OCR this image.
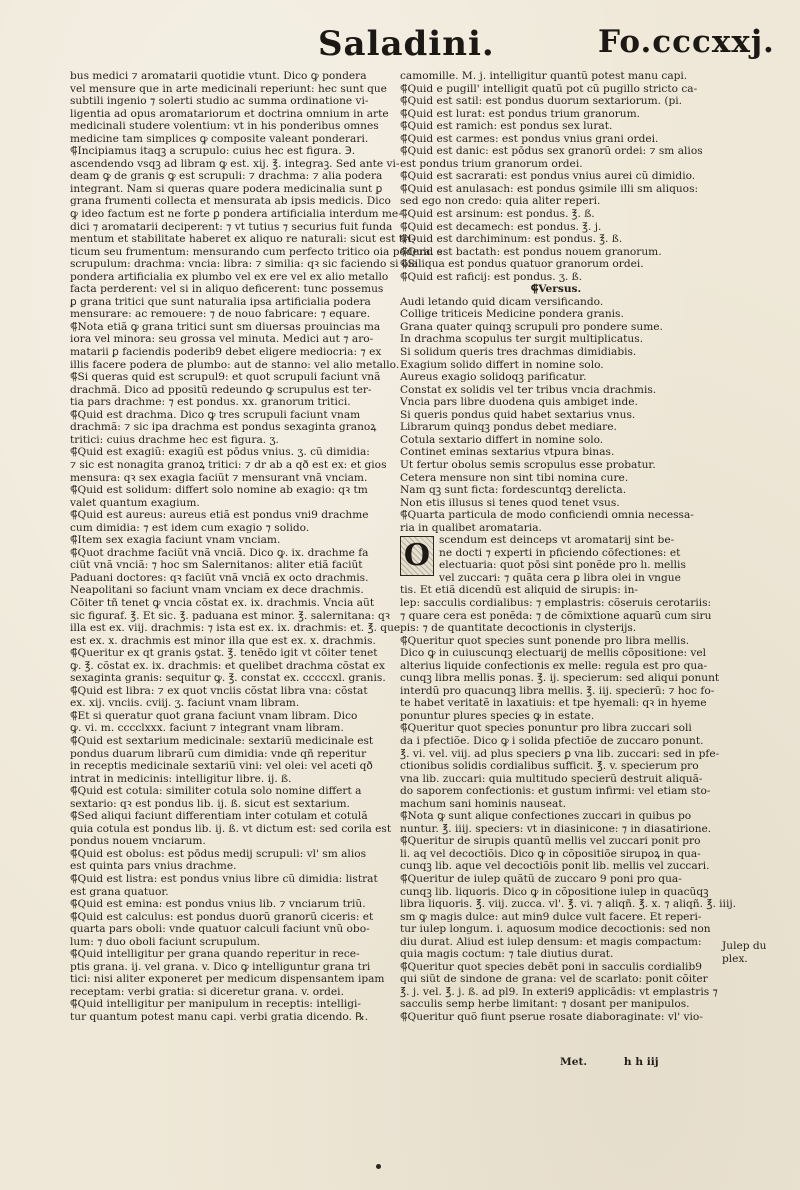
Saladini.	Fo.cccxxj.
bus medici ⁊ aromatarii quotidie vtunt. Dico ꝙ pondera
vel mensure que in arte medicinali reperiunt: hec sunt que
subtili ingenio ⁊ solerti studio ac summa ordinatione vi-
ligentia ad opus aromatariorum et doctrina omnium in arte
medicinali studere volentium: vt in his ponderibus omnes
medicine tam simplices ꝙ composite valeant ponderari.
⸿Incipiamus itaqꝫ a scrupulo: cuius hec est figura. ℈.
ascendendo vsqꝫ ad libram ꝙ est. xij. ℥. integraꝫ. Sed ante vi-
deam ꝙ de granis ꝙ est scrupuli: ⁊ drachma: ⁊ alia podera
integrant. Nam si queras quare podera medicinalia sunt ꝑ
grana frumenti collecta et mensurata ab ipsis medicis. Dico
ꝙ ideo factum est ne forte ꝑ pondera artificialia interdum me-
dici ⁊ aromatarii deciperent: ⁊ vt tutius ⁊ securius fuit funda
mentum et stabilitate haberet ex aliquo re naturali: sicut est tri-
ticum seu frumentum: mensurando cum perfecto tritico oia podera. s.
scrupulum: drachma: vncia: libra: ⁊ similia: qꝛ sic faciendo si oia
pondera artificialia ex plumbo vel ex ere vel ex alio metallo
facta perderent: vel si in aliquo deficerent: tunc possemus
ꝑ grana tritici que sunt naturalia ipsa artificialia podera
mensurare: ac remouere: ⁊ de nouo fabricare: ⁊ equare.
⸿Nota etiã ꝙ grana tritici sunt sm diuersas prouincias ma
iora vel minora: seu grossa vel minuta. Medici aut ⁊ aro-
matarii ꝑ faciendis poderib9 debet eligere mediocria: ⁊ ex
illis facere podera de plumbo: aut de stanno: vel alio metallo.
⸿Si queras quid est scrupul9: et quot scrupuli faciunt vnã
drachmã. Dico ad ppositũ redeundo ꝙ scrupulus est ter-
tia pars drachme: ⁊ est pondus. xx. granorum tritici.
⸿Quid est drachma. Dico ꝙ tres scrupuli faciunt vnam
drachmã: ⁊ sic ipa drachma est pondus sexaginta granoꝝ
tritici: cuius drachme hec est figura. ʒ.
⸿Quid est exagiũ: exagiũ est pōdus vnius. ʒ. cũ dimidia:
⁊ sic est nonagita granoꝝ tritici: ⁊ dr ab a qð est ex: et gios
mensura: qꝛ sex exagia faciũt ⁊ mensurant vnã vnciam.
⸿Quid est solidum: differt solo nomine ab exagio: qꝛ tm
valet quantum exagium.
⸿Quid est aureus: aureus etiã est pondus vni9 drachme
cum dimidia: ⁊ est idem cum exagio ⁊ solido.
⸿Item sex exagia faciunt vnam vnciam.
⸿Quot drachme faciũt vnã vnciã. Dico ꝙ. ix. drachme fa
ciũt vnã vnciã: ⁊ hoc sm Salernitanos: aliter etiã faciũt
Paduani doctores: qꝛ faciũt vnã vnciã ex octo drachmis.
Neapolitani so faciunt vnam vnciam ex dece drachmis.
Cõiter tñ tenet ꝙ vncia cõstat ex. ix. drachmis. Vncia aũt
sic figuraf. ℥. Et sic. ℥. paduana est minor. ℥. salernitana: qꝛ
illa est ex. viij. drachmis: ⁊ ista est ex. ix. drachmis: et. ℥. que
est ex. x. drachmis est minor illa que est ex. x. drachmis.
⸿Queritur ex qt granis ꝯstat. ℥. tenẽdo igit vt cõiter tenet
ꝙ. ℥. cõstat ex. ix. drachmis: et quelibet drachma cõstat ex
sexaginta granis: sequitur ꝙ. ℥. constat ex. cccccxl. granis.
⸿Quid est libra: ⁊ ex quot vnciis cõstat libra vna: cõstat
ex. xij. vnciis. cviij. ʒ. faciunt vnam libram.
⸿Et si queratur quot grana faciunt vnam libram. Dico
ꝙ. vi. m. cccclxxx. faciunt ⁊ integrant vnam libram.
⸿Quid est sextarium medicinale: sextariũ medicinale est
pondus duarum librarũ cum dimidia: vnde qñ reperitur
in receptis medicinale sextariũ vini: vel olei: vel aceti qð
intrat in medicinis: intelligitur libre. ij. ß.
⸿Quid est cotula: similiter cotula solo nomine differt a
sextario: qꝛ est pondus lib. ij. ß. sicut est sextarium.
⸿Sed aliqui faciunt differentiam inter cotulam et cotulã
quia cotula est pondus lib. ij. ß. vt dictum est: sed corila est
pondus nouem vnciarum.
⸿Quid est obolus: est pōdus medij scrupuli: vl' sm alios
est quinta pars vnius drachme.
⸿Quid est listra: est pondus vnius libre cũ dimidia: listrat
est grana quatuor.
⸿Quid est emina: est pondus vnius lib. ⁊ vnciarum triũ.
⸿Quid est calculus: est pondus duorũ granorũ ciceris: et
quarta pars oboli: vnde quatuor calculi faciunt vnũ obo-
lum: ⁊ duo oboli faciunt scrupulum.
⸿Quid intelligitur per grana quando reperitur in rece-
ptis grana. ij. vel grana. v. Dico ꝙ intelliguntur grana tri
tici: nisi aliter exponeret per medicum dispensantem ipam
receptam: verbi gratia: si diceretur grana. v. ordei.
⸿Quid intelligitur per manipulum in receptis: intelligi-
tur quantum potest manu capi. verbi gratia dicendo. ℞.
camomille. M. j. intelligitur quantũ potest manu capi.
⸿Quid e pugill' intelligit quatũ pot cũ pugillo stricto ca-
⸿Quid est satil: est pondus duorum sextariorum. (pi.
⸿Quid est lurat: est pondus trium granorum.
⸿Quid est ramich: est pondus sex lurat.
⸿Quid est carmes: est pondus vnius grani ordei.
⸿Quid est danic: est pōdus sex granorũ ordei: ⁊ sm alios
est pondus trium granorum ordei.
⸿Quid est sacrarati: est pondus vnius aurei cũ dimidio.
⸿Quid est anulasach: est pondus ꝯsimile illi sm aliquos:
sed ego non credo: quia aliter reperi.
⸿Quid est arsinum: est pondus. ℥. ß.
⸿Quid est decamech: est pondus. ℥. j.
⸿Quid est darchiminum: est pondus. ℥. ß.
⸿Quid est bactath: est pondus nouem granorum.
⸿Siliqua est pondus quatuor granorum ordei.
⸿Quid est raficij: est pondus. ʒ. ß.
⸿Versus.
Audi letando quid dicam versificando.
Collige triticeis Medicine pondera granis.
Grana quater quinqꝫ scrupuli pro pondere sume.
In drachma scopulus ter surgit multiplicatus.
Si solidum queris tres drachmas dimidiabis.
Exagium solido differt in nomine solo.
Aureus exagio solidoqꝫ parificatur.
Constat ex solidis vel ter tribus vncia drachmis.
Vncia pars libre duodena quis ambiget inde.
Si queris pondus quid habet sextarius vnus.
Librarum quinqꝫ pondus debet mediare.
Cotula sextario differt in nomine solo.
Continet eminas sextarius vtpura binas.
Ut fertur obolus semis scropulus esse probatur.
Cetera mensure non sint tibi nomina cure.
Nam qꝫ sunt ficta: fordescuntqꝫ derelicta.
Non etis illusus si tenes quod tenet vsus.
⸿Quarta particula de modo conficiendi omnia necessa-
ria in qualibet aromataria.
O scendum est deinceps vt aromatarij sint be-
ne docti ⁊ experti in pficiendo cõfectiones: et
electuaria: quot pōsi sint ponẽde pro lı. mellis
vel zuccari: ⁊ quãta cera ꝑ libra olei in vngue
tis. Et etiã dicendũ est aliquid de sirupis: in-
lep: sacculis cordialibus: ⁊ emplastris: cõseruis cerotariis:
⁊ quare cera est ponẽda: ⁊ de cõmixtione aquarũ cum siru
pis: ⁊ de quantitate decoctionis in clysterijs.
⸿Queritur quot species sunt ponende pro libra mellis.
Dico ꝙ in cuiuscunqꝫ electuarij de mellis cõpositione: vel
alterius liquide confectionis ex melle: regula est pro qua-
cunqꝫ libra mellis ponas. ℥. ij. specierum: sed aliqui ponunt
interdũ pro quacunqꝫ libra mellis. ℥. iij. specierũ: ⁊ hoc fo-
te habet veritatẽ in laxatiuis: et tpe hyemali: qꝛ in hyeme
ponuntur plures species ꝙ in estate.
⸿Queritur quot species ponuntur pro libra zuccari soli
da i pfectiõe. Dico ꝙ i solida pfectiõe de zuccaro ponunt.
℥. vi. vel. viij. ad plus speciers ꝑ vna lib. zuccari: sed in pfe-
ctionibus solidis cordialibus sufficit. ℥. v. specierum pro
vna lib. zuccari: quia multitudo specierũ destruit aliquã-
do saporem confectionis: et gustum infirmi: vel etiam sto-
machum sani hominis nauseat.
⸿Nota ꝙ sunt alique confectiones zuccari in quibus po
nuntur. ℥. iiij. speciers: vt in diasinicone: ⁊ in diasatirione.
⸿Queritur de sirupis quantũ mellis vel zuccari ponit pro
li. aq vel decoctiõis. Dico ꝙ in cõpositiõe sirupoꝝ in qua-
cunqꝫ lib. aque vel decoctiõis ponit lib. mellis vel zuccari.
⸿Queritur de iulep quãtũ de zuccaro 9 poni pro qua-
cunqꝫ lib. liquoris. Dico ꝙ in cõpositione iulep in quacũqꝫ
libra liquoris. ℥. viij. zucca. vl'. ℥. vi. ⁊ aliqñ. ℥. x. ⁊ aliqñ. ℥. iiij.
sm ꝙ magis dulce: aut min9 dulce vult facere. Et reperi-
tur iulep longum. i. aquosum modice decoctionis: sed non
diu durat. Aliud est iulep densum: et magis compactum:
quia magis coctum: ⁊ tale diutius durat.
⸿Queritur quot species debẽt poni in sacculis cordialib9
qui siũt de sindone de grana: vel de scarlato: ponit cõiter
℥. j. vel. ℥. j. ß. ad pl9. In exteri9 applicãdis: vt emplastris ⁊
sacculis semp herbe limitant: ⁊ dosant per manipulos.
⸿Queritur quõ fiunt pserue rosate diaboraginate: vl' vio-
Julep du
plex.
Met.          h h iij
